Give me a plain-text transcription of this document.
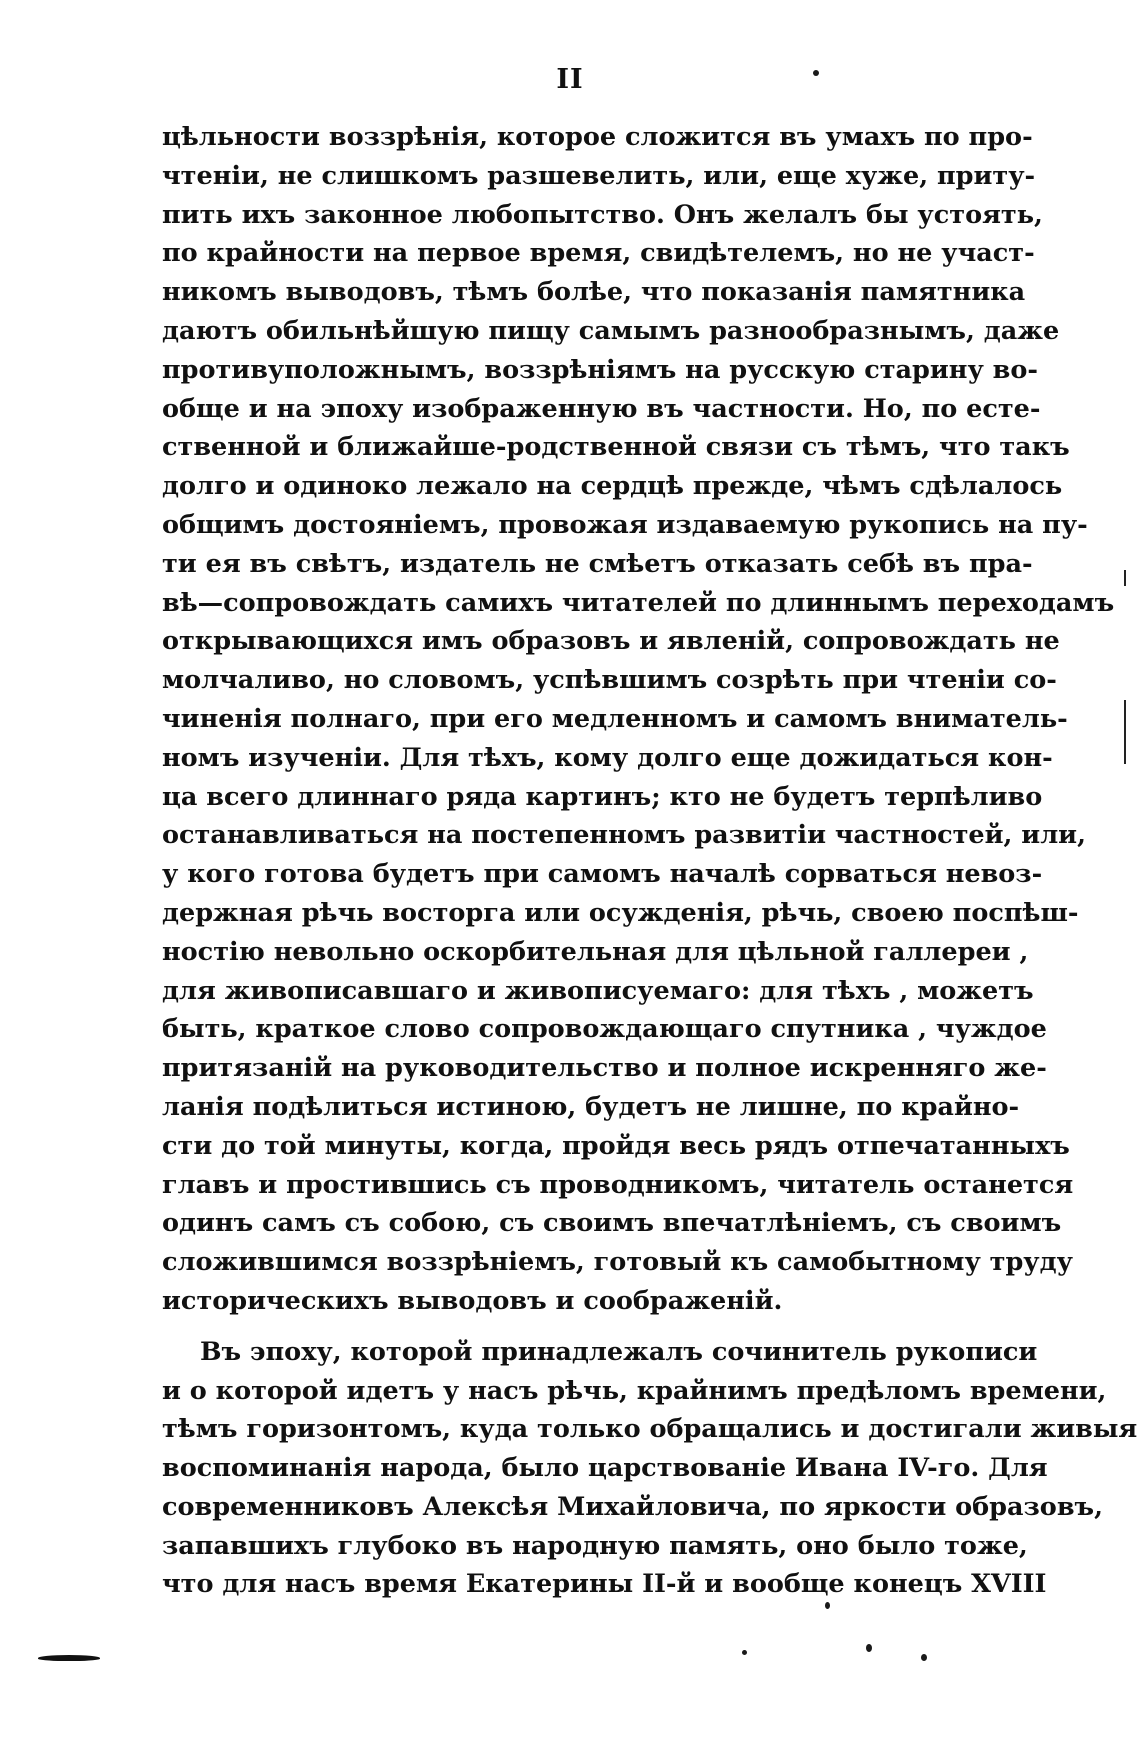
II
цѣльности воззрѣнія, которое сложится въ умахъ по про-
чтеніи, не слишкомъ разшевелить, или, еще хуже, приту-
пить ихъ законное любопытство. Онъ желалъ бы устоять,
по крайности на первое время, свидѣтелемъ, но не участ-
никомъ выводовъ, тѣмъ болѣе, что показанія памятника
даютъ обильнѣйшую пищу самымъ разнообразнымъ, даже
противуположнымъ, воззрѣніямъ на русскую старину во-
обще и на эпоху изображенную въ частности. Но, по есте-
ственной и ближайше-родственной связи съ тѣмъ, что такъ
долго и одиноко лежало на сердцѣ прежде, чѣмъ сдѣлалось
общимъ достояніемъ, провожая издаваемую рукопись на пу-
ти ея въ свѣтъ, издатель не смѣетъ отказать себѣ въ пра-
вѣ—сопровождать самихъ читателей по длиннымъ переходамъ
открывающихся имъ образовъ и явленій, сопровождать не
молчаливо, но словомъ, успѣвшимъ созрѣть при чтеніи со-
чиненія полнаго, при его медленномъ и самомъ вниматель-
номъ изученіи. Для тѣхъ, кому долго еще дожидаться кон-
ца всего длиннаго ряда картинъ; кто не будетъ терпѣливо
останавливаться на постепенномъ развитіи частностей, или,
у кого готова будетъ при самомъ началѣ сорваться невоз-
держная рѣчь восторга или осужденія, рѣчь, своею поспѣш-
ностію невольно оскорбительная для цѣльной галлереи ,
для живописавшаго и живописуемаго: для тѣхъ , можетъ
быть, краткое слово сопровождающаго спутника , чуждое
притязаній на руководительство и полное искренняго же-
ланія подѣлиться истиною, будетъ не лишне, по крайно-
сти до той минуты, когда, пройдя весь рядъ отпечатанныхъ
главъ и простившись съ проводникомъ, читатель останется
одинъ самъ съ собою, съ своимъ впечатлѣніемъ, съ своимъ
сложившимся воззрѣніемъ, готовый къ самобытному труду
историческихъ выводовъ и соображеній.
Въ эпоху, которой принадлежалъ сочинитель рукописи
и о которой идетъ у насъ рѣчь, крайнимъ предѣломъ времени,
тѣмъ горизонтомъ, куда только обращались и достигали живыя
воспоминанія народа, было царствованіе Ивана IV-го. Для
современниковъ Алексѣя Михайловича, по яркости образовъ,
запавшихъ глубоко въ народную память, оно было тоже,
что для насъ время Екатерины II-й и вообще конецъ XVIII
